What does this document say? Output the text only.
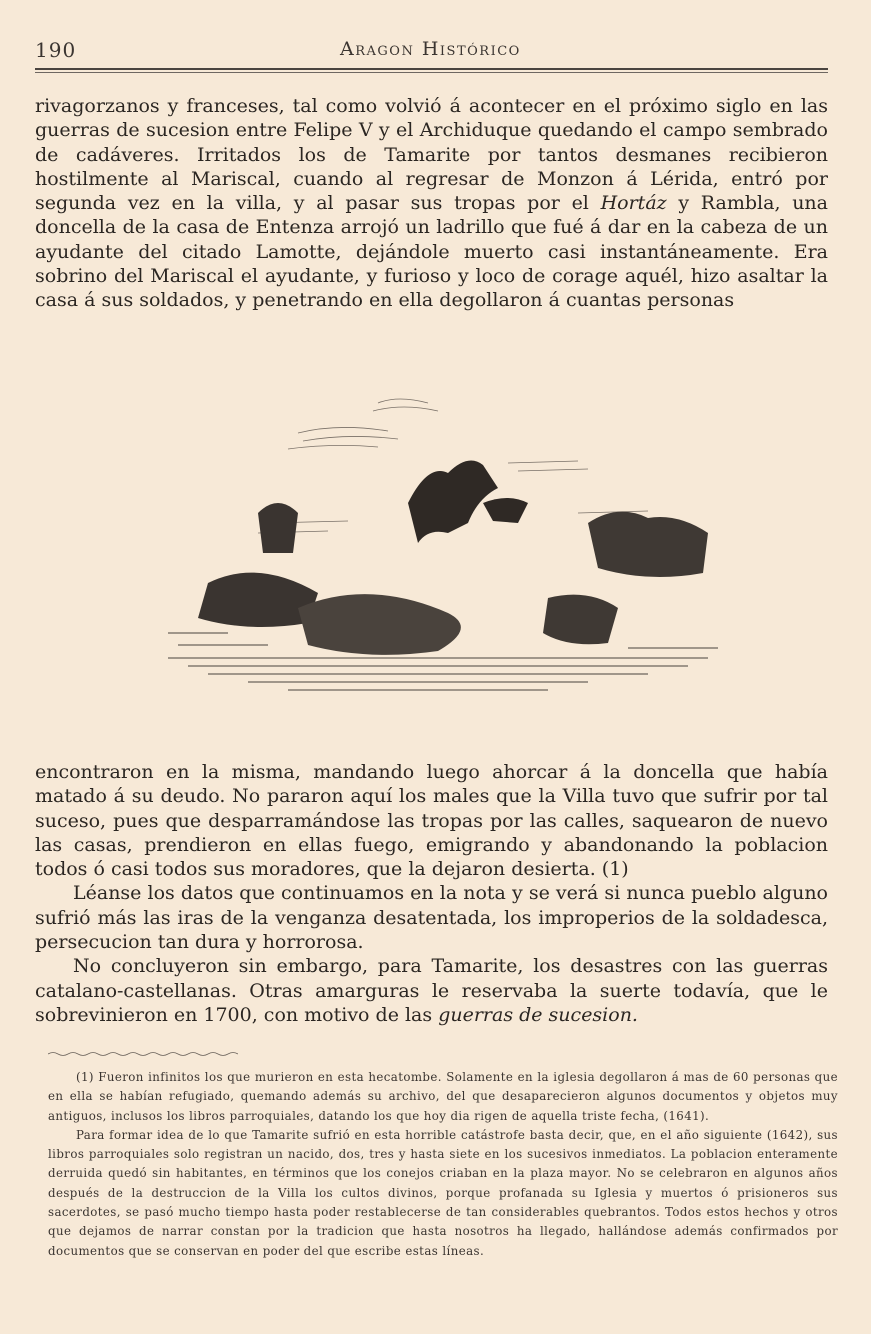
190	Aragon Histórico
rivagorzanos y franceses, tal como volvió á acontecer en el próximo siglo en las guerras de sucesion entre Felipe V y el Archiduque quedando el campo sembrado de cadáveres. Irritados los de Tamarite por tantos desmanes recibieron hostilmente al Mariscal, cuando al regresar de Monzon á Lérida, entró por segunda vez en la villa, y al pasar sus tropas por el Hortáz y Rambla, una doncella de la casa de Entenza arrojó un ladrillo que fué á dar en la cabeza de un ayudante del citado Lamotte, dejándole muerto casi instantáneamente. Era sobrino del Mariscal el ayudante, y furioso y loco de corage aquél, hizo asaltar la casa á sus soldados, y penetrando en ella degollaron á cuantas personas
encontraron en la misma, mandando luego ahorcar á la doncella que había matado á su deudo. No pararon aquí los males que la Villa tuvo que sufrir por tal suceso, pues que desparramándose las tropas por las calles, saquearon de nuevo las casas, prendieron en ellas fuego, emigrando y abandonando la poblacion todos ó casi todos sus moradores, que la dejaron desierta. (1)
Léanse los datos que continuamos en la nota y se verá si nunca pueblo alguno sufrió más las iras de la venganza desatentada, los improperios de la soldadesca, persecucion tan dura y horrorosa.
No concluyeron sin embargo, para Tamarite, los desastres con las guerras catalano-castellanas. Otras amarguras le reservaba la suerte todavía, que le sobrevinieron en 1700, con motivo de las guerras de sucesion.

(1) Fueron infinitos los que murieron en esta hecatombe. Solamente en la iglesia degollaron á mas de 60 personas que en ella se habían refugiado, quemando además su archivo, del que desaparecieron algunos documentos y objetos muy antiguos, inclusos los libros parroquiales, datando los que hoy dia rigen de aquella triste fecha, (1641).

Para formar idea de lo que Tamarite sufrió en esta horrible catástrofe basta decir, que, en el año siguiente (1642), sus libros parroquiales solo registran un nacido, dos, tres y hasta siete en los sucesivos inmediatos. La poblacion enteramente derruida quedó sin habitantes, en términos que los conejos criaban en la plaza mayor. No se celebraron en algunos años después de la destruccion de la Villa los cultos divinos, porque profanada su Iglesia y muertos ó prisioneros sus sacerdotes, se pasó mucho tiempo hasta poder restablecerse de tan considerables quebrantos. Todos estos hechos y otros que dejamos de narrar constan por la tradicion que hasta nosotros ha llegado, hallándose además confirmados por documentos que se conservan en poder del que escribe estas líneas.
